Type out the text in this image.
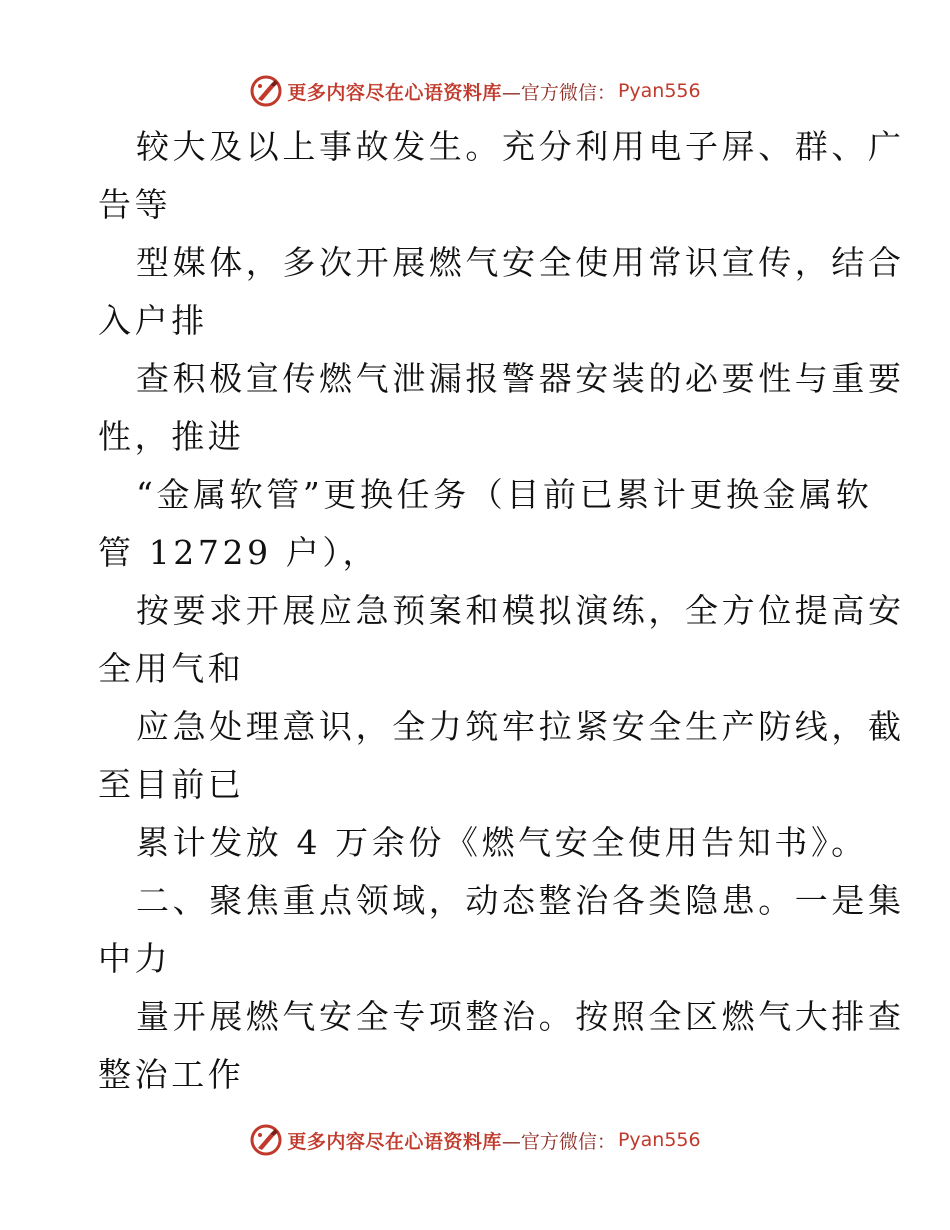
更多内容尽在心语资料库 —官方微信： Pyan556
较大及以上事故发生。充分利用电子屏、群、广
告等
型媒体，多次开展燃气安全使用常识宣传，结合
入户排
查积极宣传燃气泄漏报警器安装的必要性与重要
性，推进
“金属软管”更换任务（目前已累计更换金属软
管 12729 户），
按要求开展应急预案和模拟演练，全方位提高安
全用气和
应急处理意识，全力筑牢拉紧安全生产防线，截
至目前已
累计发放 4 万余份《燃气安全使用告知书》。
二、聚焦重点领域，动态整治各类隐患。一是集
中力
量开展燃气安全专项整治。按照全区燃气大排查
整治工作
更多内容尽在心语资料库 —官方微信： Pyan556
